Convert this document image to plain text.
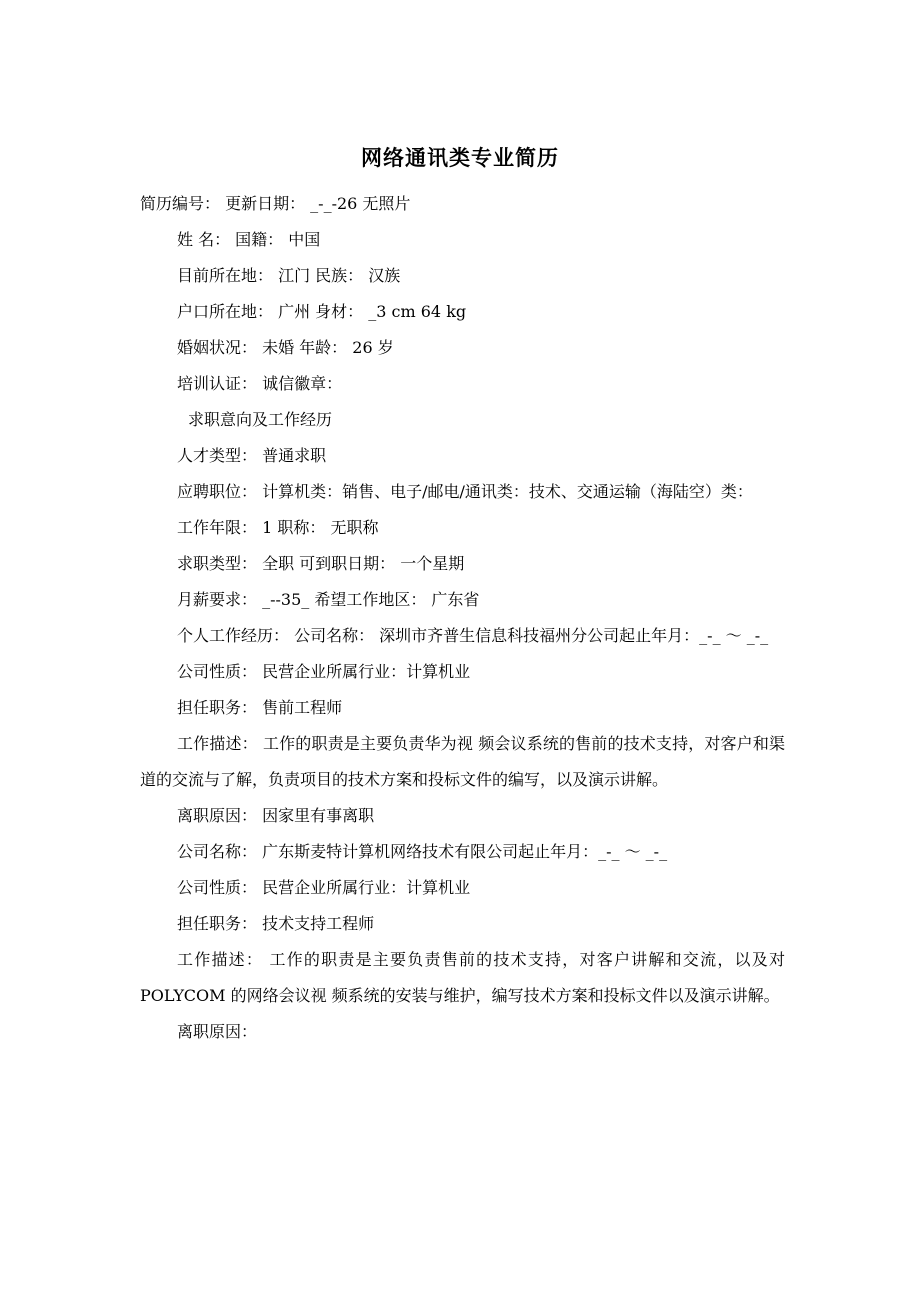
网络通讯类专业简历

简历编号： 更新日期： _-_-26 无照片

姓 名： 国籍： 中国

目前所在地： 江门 民族： 汉族

户口所在地： 广州 身材： _3 cm 64 kg

婚姻状况： 未婚 年龄： 26 岁

培训认证： 诚信徽章：

求职意向及工作经历

人才类型： 普通求职

应聘职位： 计算机类：销售、电子/邮电/通讯类：技术、交通运输（海陆空）类：

工作年限： 1 职称： 无职称

求职类型： 全职 可到职日期： 一个星期

月薪要求： _--35_ 希望工作地区： 广东省

个人工作经历： 公司名称： 深圳市齐普生信息科技福州分公司起止年月：_-_ ～ _-_

公司性质： 民营企业所属行业：计算机业

担任职务： 售前工程师

工作描述： 工作的职责是主要负责华为视 频会议系统的售前的技术支持，对客户和渠道的交流与了解，负责项目的技术方案和投标文件的编写，以及演示讲解。

离职原因： 因家里有事离职

公司名称： 广东斯麦特计算机网络技术有限公司起止年月：_-_ ～ _-_

公司性质： 民营企业所属行业：计算机业

担任职务： 技术支持工程师

工作描述： 工作的职责是主要负责售前的技术支持，对客户讲解和交流，以及对 POLYCOM 的网络会议视 频系统的安装与维护，编写技术方案和投标文件以及演示讲解。

离职原因：
